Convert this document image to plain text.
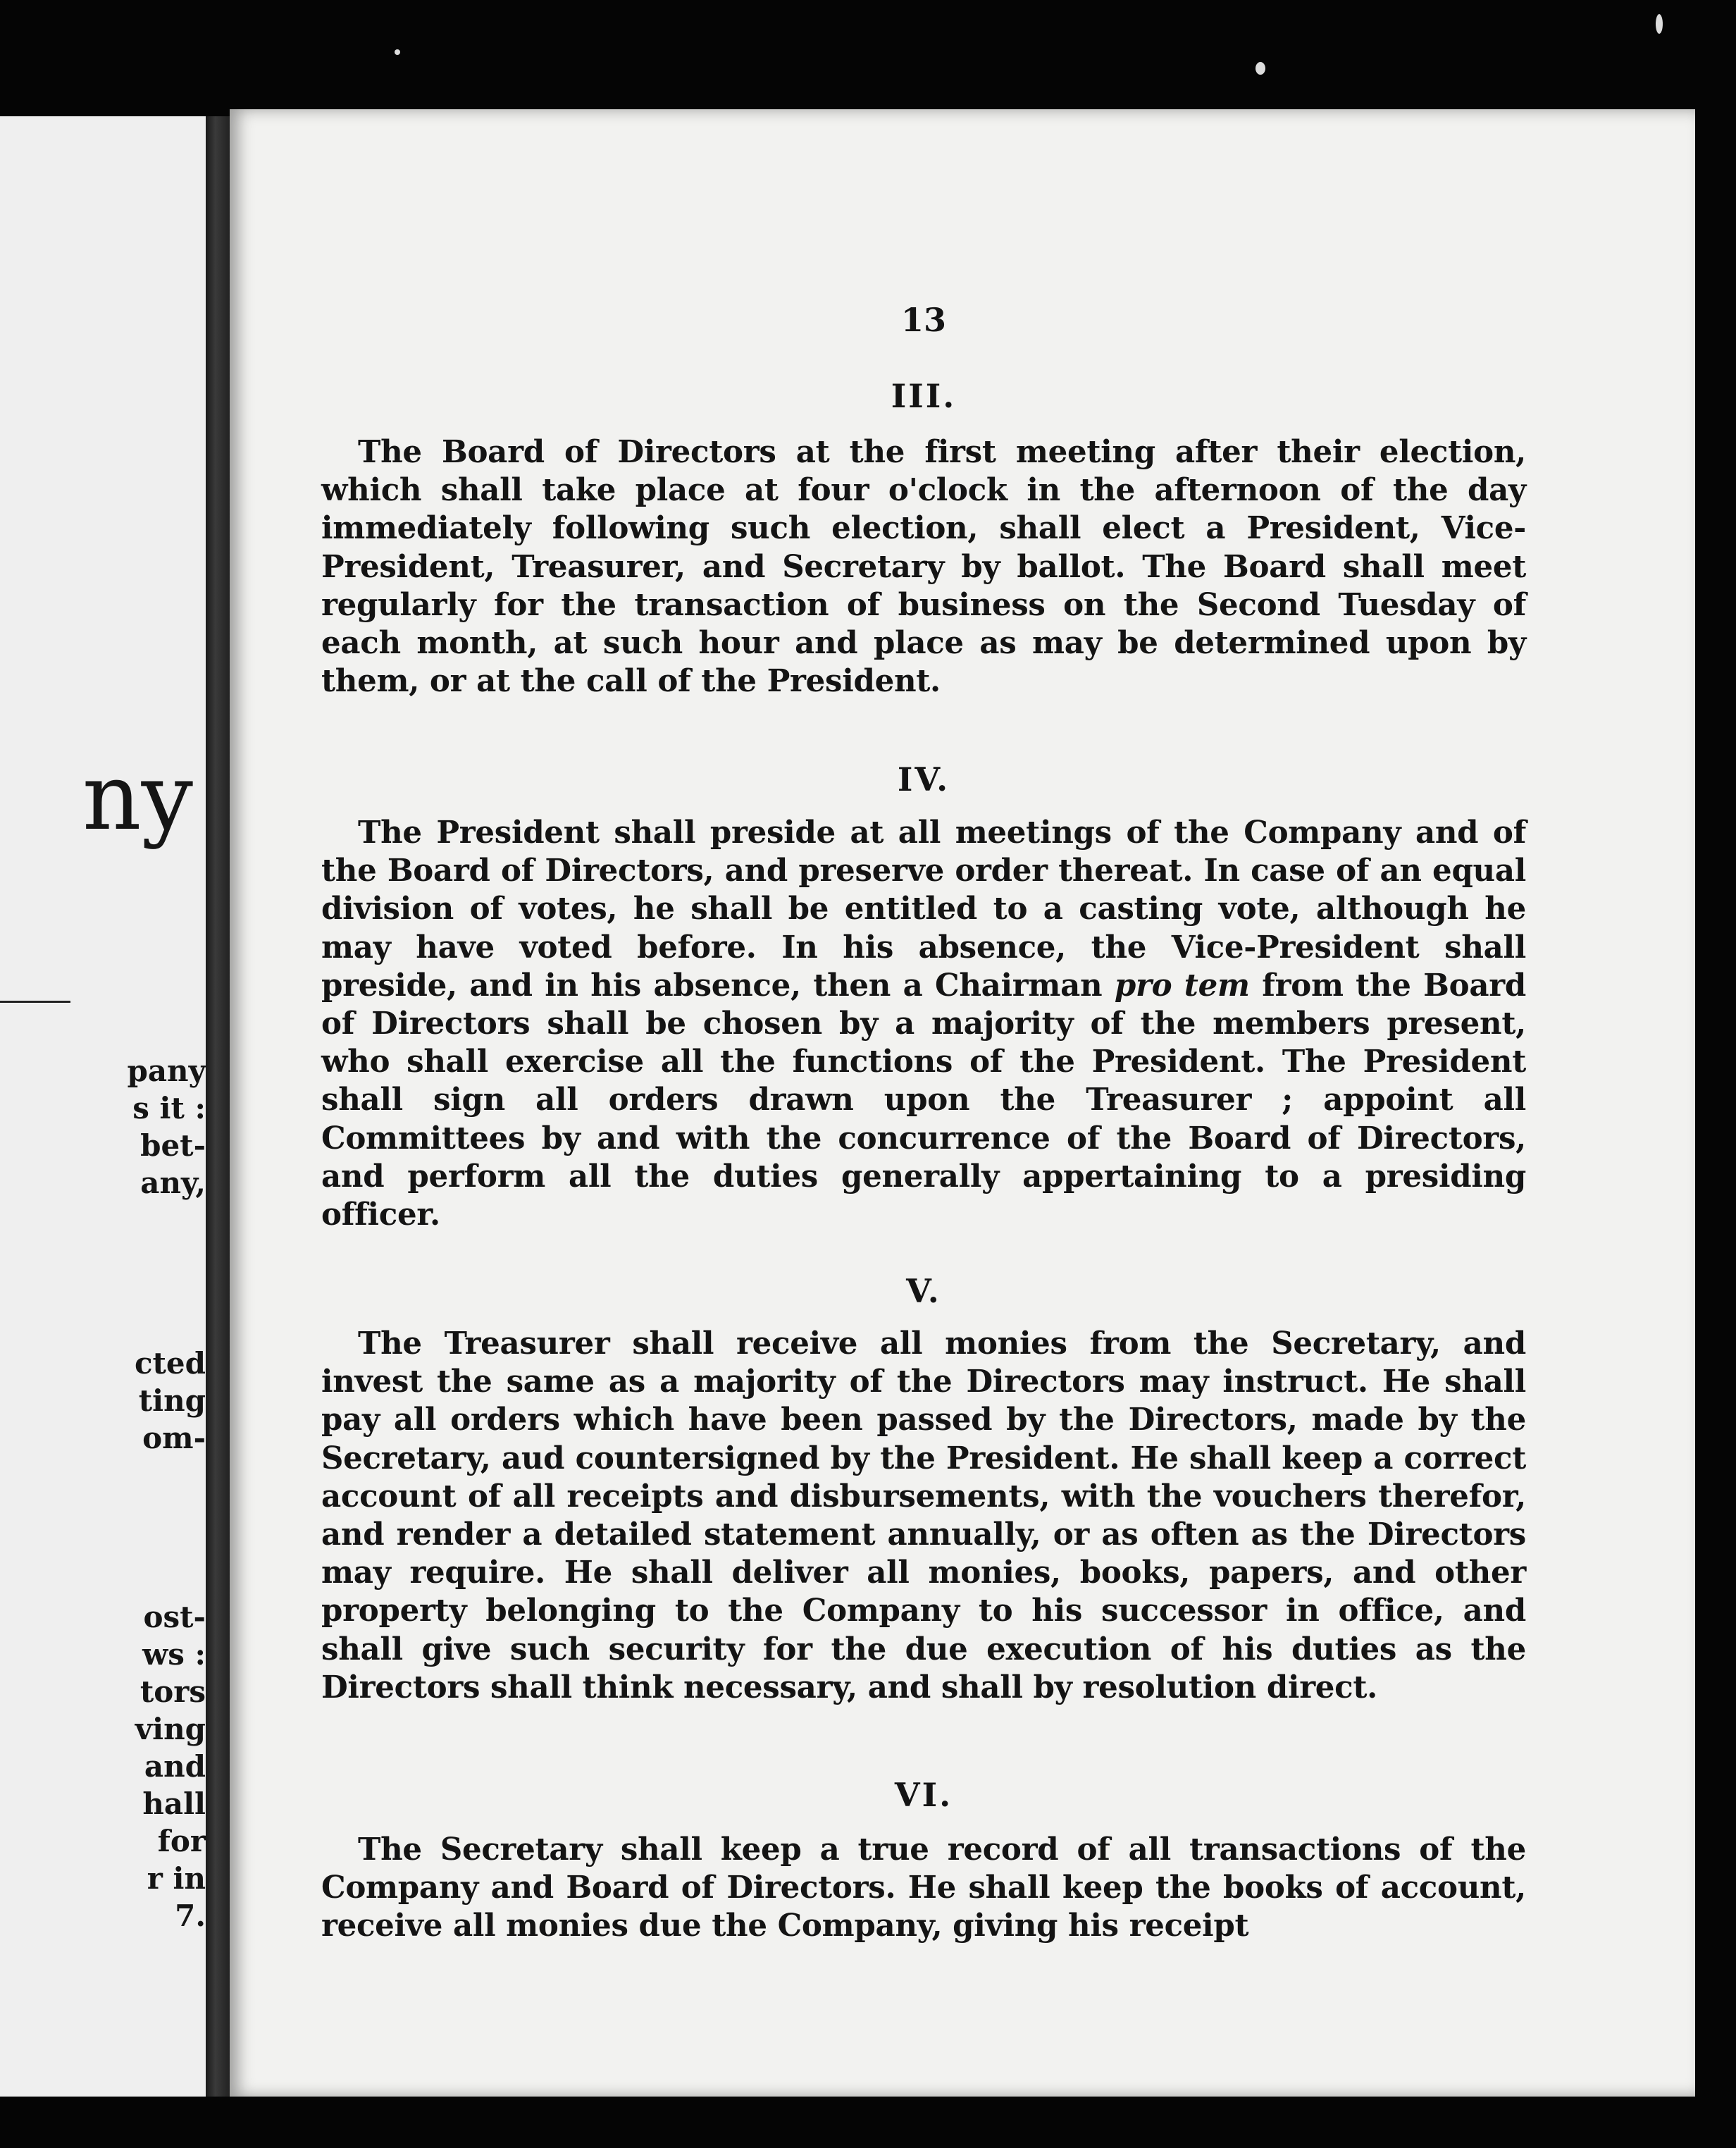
ny
pany
s it :
bet-
any,
cted
ting
om-
ost-
ws :
tors
ving
and
hall
for
r in
7.
13
III.
The Board of Directors at the first meeting after their election, which shall take place at four o'clock in the afternoon of the day immediately following such election, shall elect a President, Vice-President, Treasurer, and Secretary by ballot. The Board shall meet regularly for the transaction of business on the Second Tuesday of each month, at such hour and place as may be determined upon by them, or at the call of the President.
IV.
The President shall preside at all meetings of the Company and of the Board of Directors, and preserve order thereat. In case of an equal division of votes, he shall be entitled to a casting vote, although he may have voted before. In his absence, the Vice-President shall preside, and in his absence, then a Chairman pro tem from the Board of Directors shall be chosen by a majority of the members present, who shall exercise all the functions of the President. The President shall sign all orders drawn upon the Treasurer ; appoint all Committees by and with the concurrence of the Board of Directors, and perform all the duties generally appertaining to a presiding officer.
V.
The Treasurer shall receive all monies from the Secretary, and invest the same as a majority of the Directors may instruct. He shall pay all orders which have been passed by the Directors, made by the Secretary, aud countersigned by the President. He shall keep a correct account of all receipts and disbursements, with the vouchers therefor, and render a detailed statement annually, or as often as the Directors may require. He shall deliver all monies, books, papers, and other property belonging to the Company to his successor in office, and shall give such security for the due execution of his duties as the Directors shall think necessary, and shall by resolution direct.
VI.
The Secretary shall keep a true record of all transactions of the Company and Board of Directors. He shall keep the books of account, receive all monies due the Company, giving his receipt
